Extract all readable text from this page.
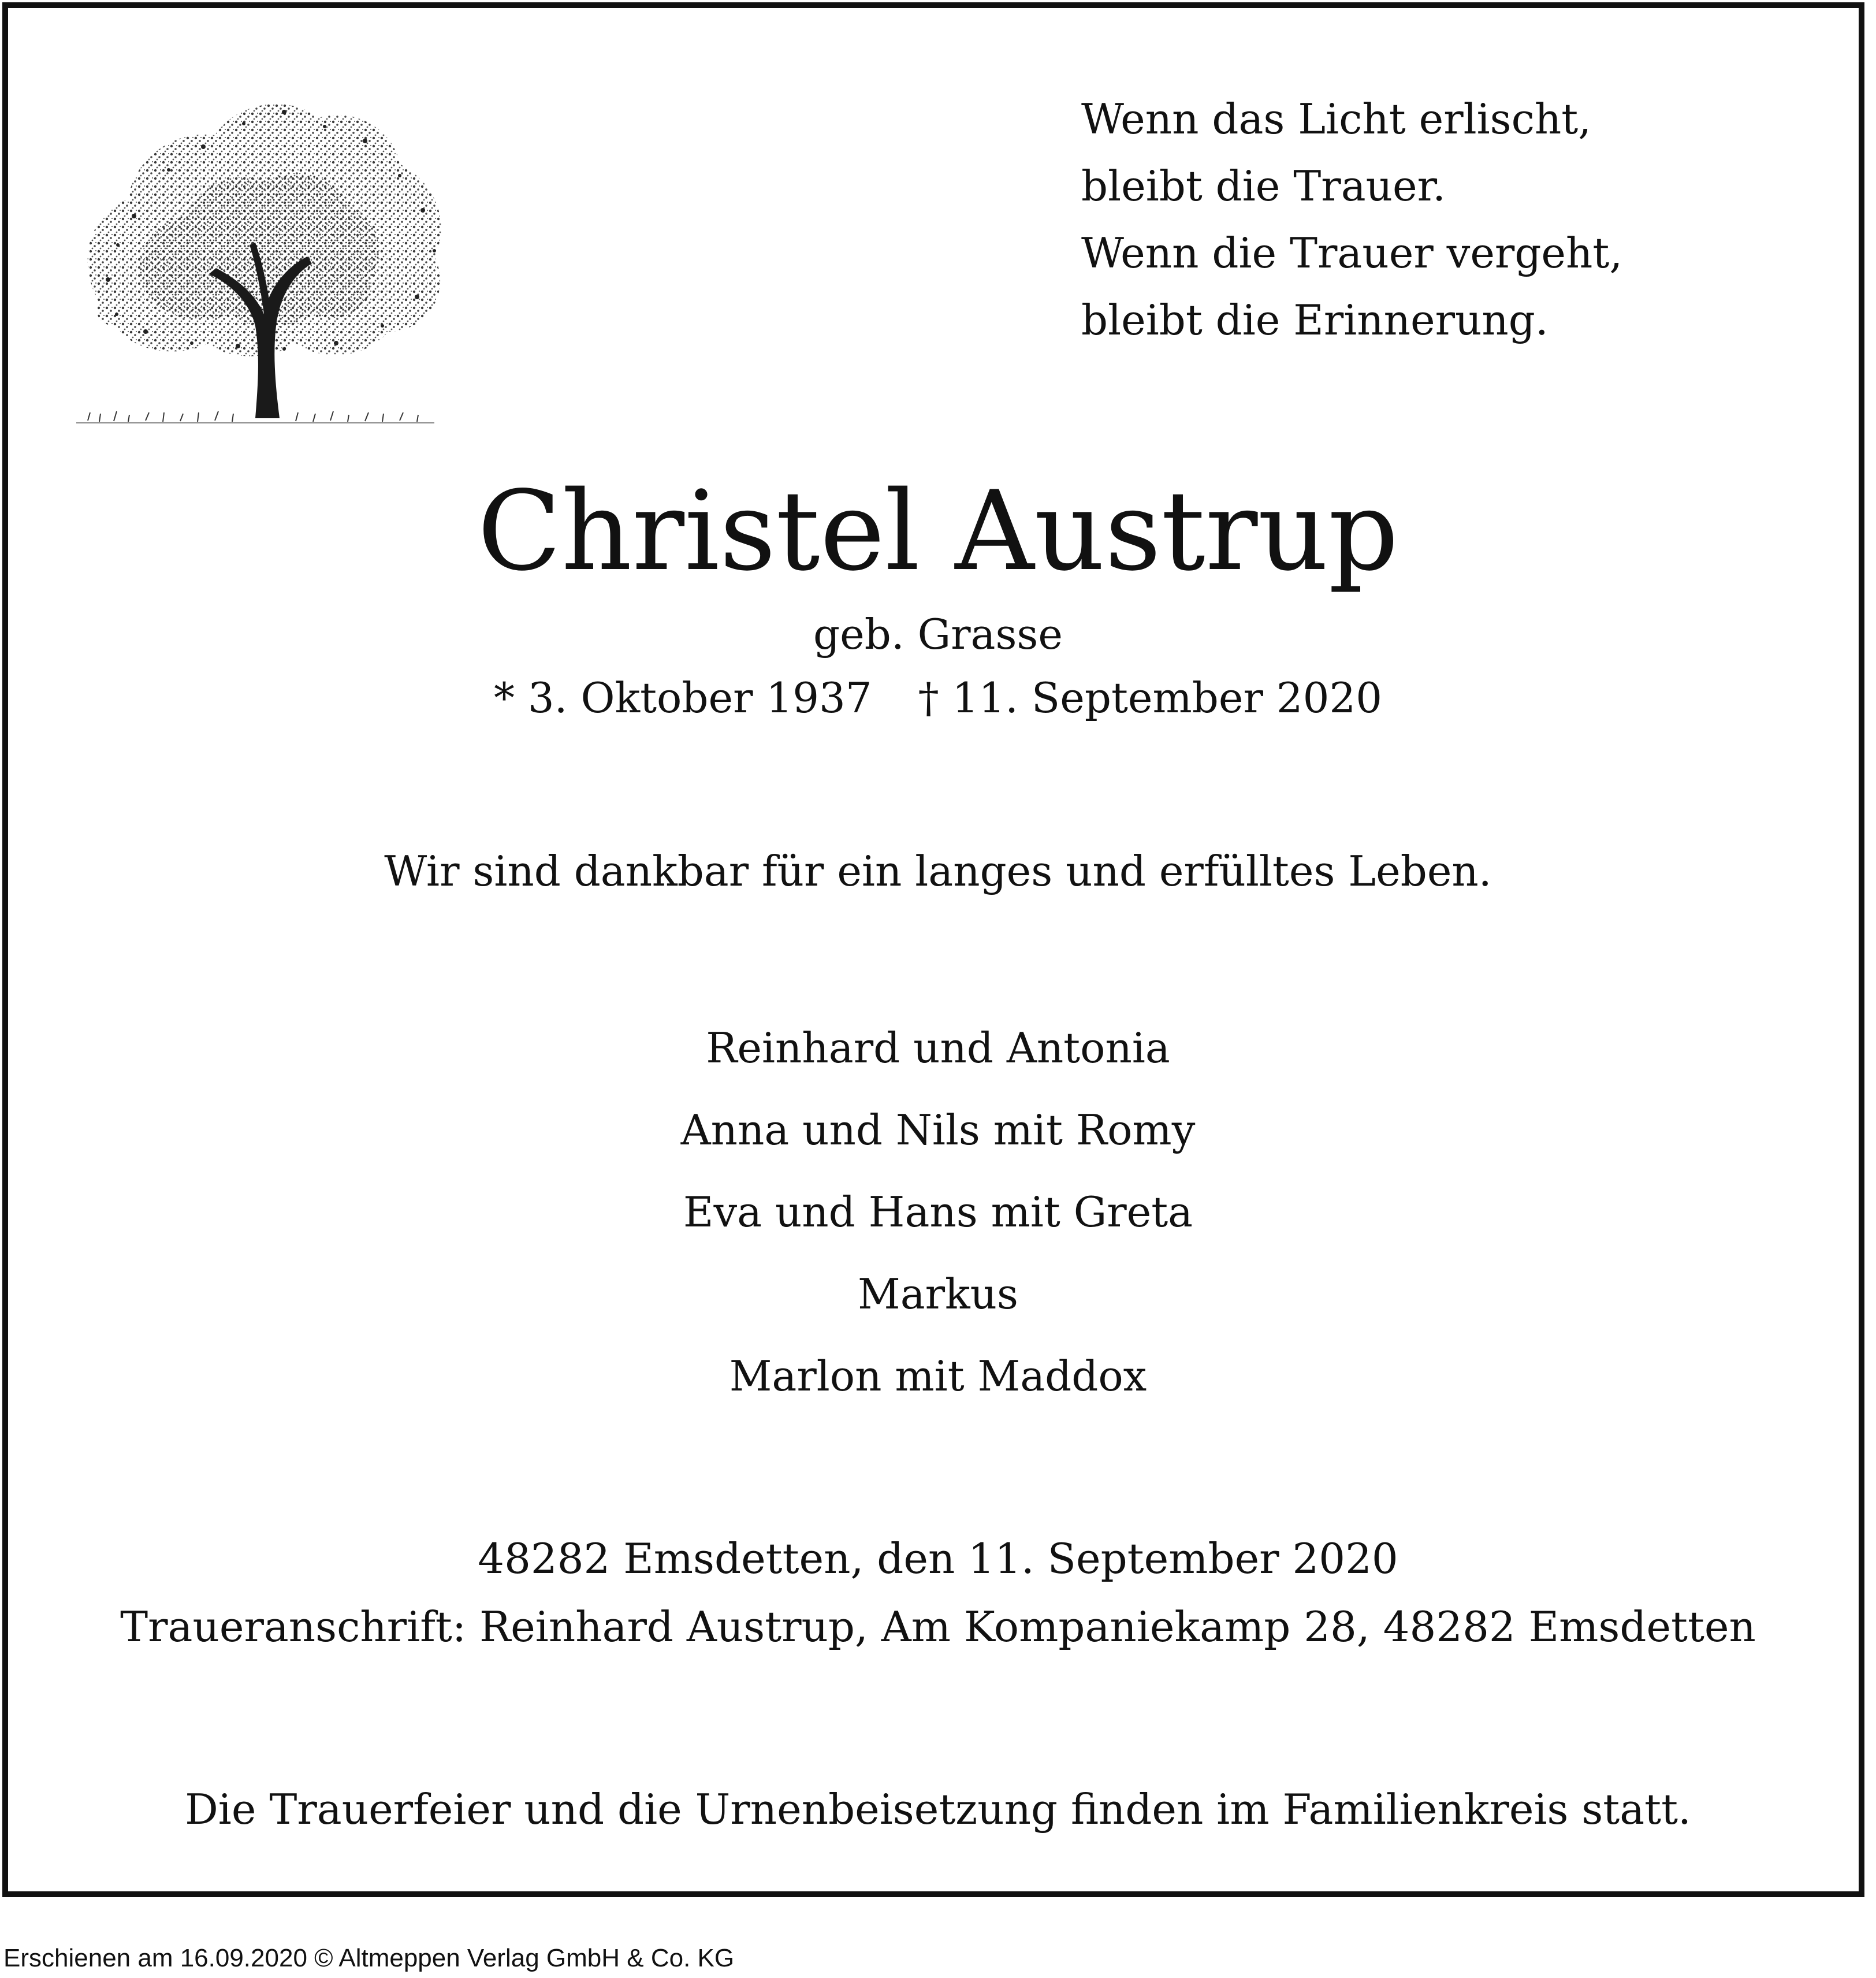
Wenn das Licht erlischt,
bleibt die Trauer.
Wenn die Trauer vergeht,
bleibt die Erinnerung.
Christel Austrup
geb. Grasse
* 3. Oktober 1937 † 11. September 2020
Wir sind dankbar für ein langes und erfülltes Leben.
Reinhard und Antonia
Anna und Nils mit Romy
Eva und Hans mit Greta
Markus
Marlon mit Maddox
48282 Emsdetten, den 11. September 2020
Traueranschrift: Reinhard Austrup, Am Kompaniekamp 28, 48282 Emsdetten
Die Trauerfeier und die Urnenbeisetzung finden im Familienkreis statt.
Erschienen am 16.09.2020 © Altmeppen Verlag GmbH & Co. KG
